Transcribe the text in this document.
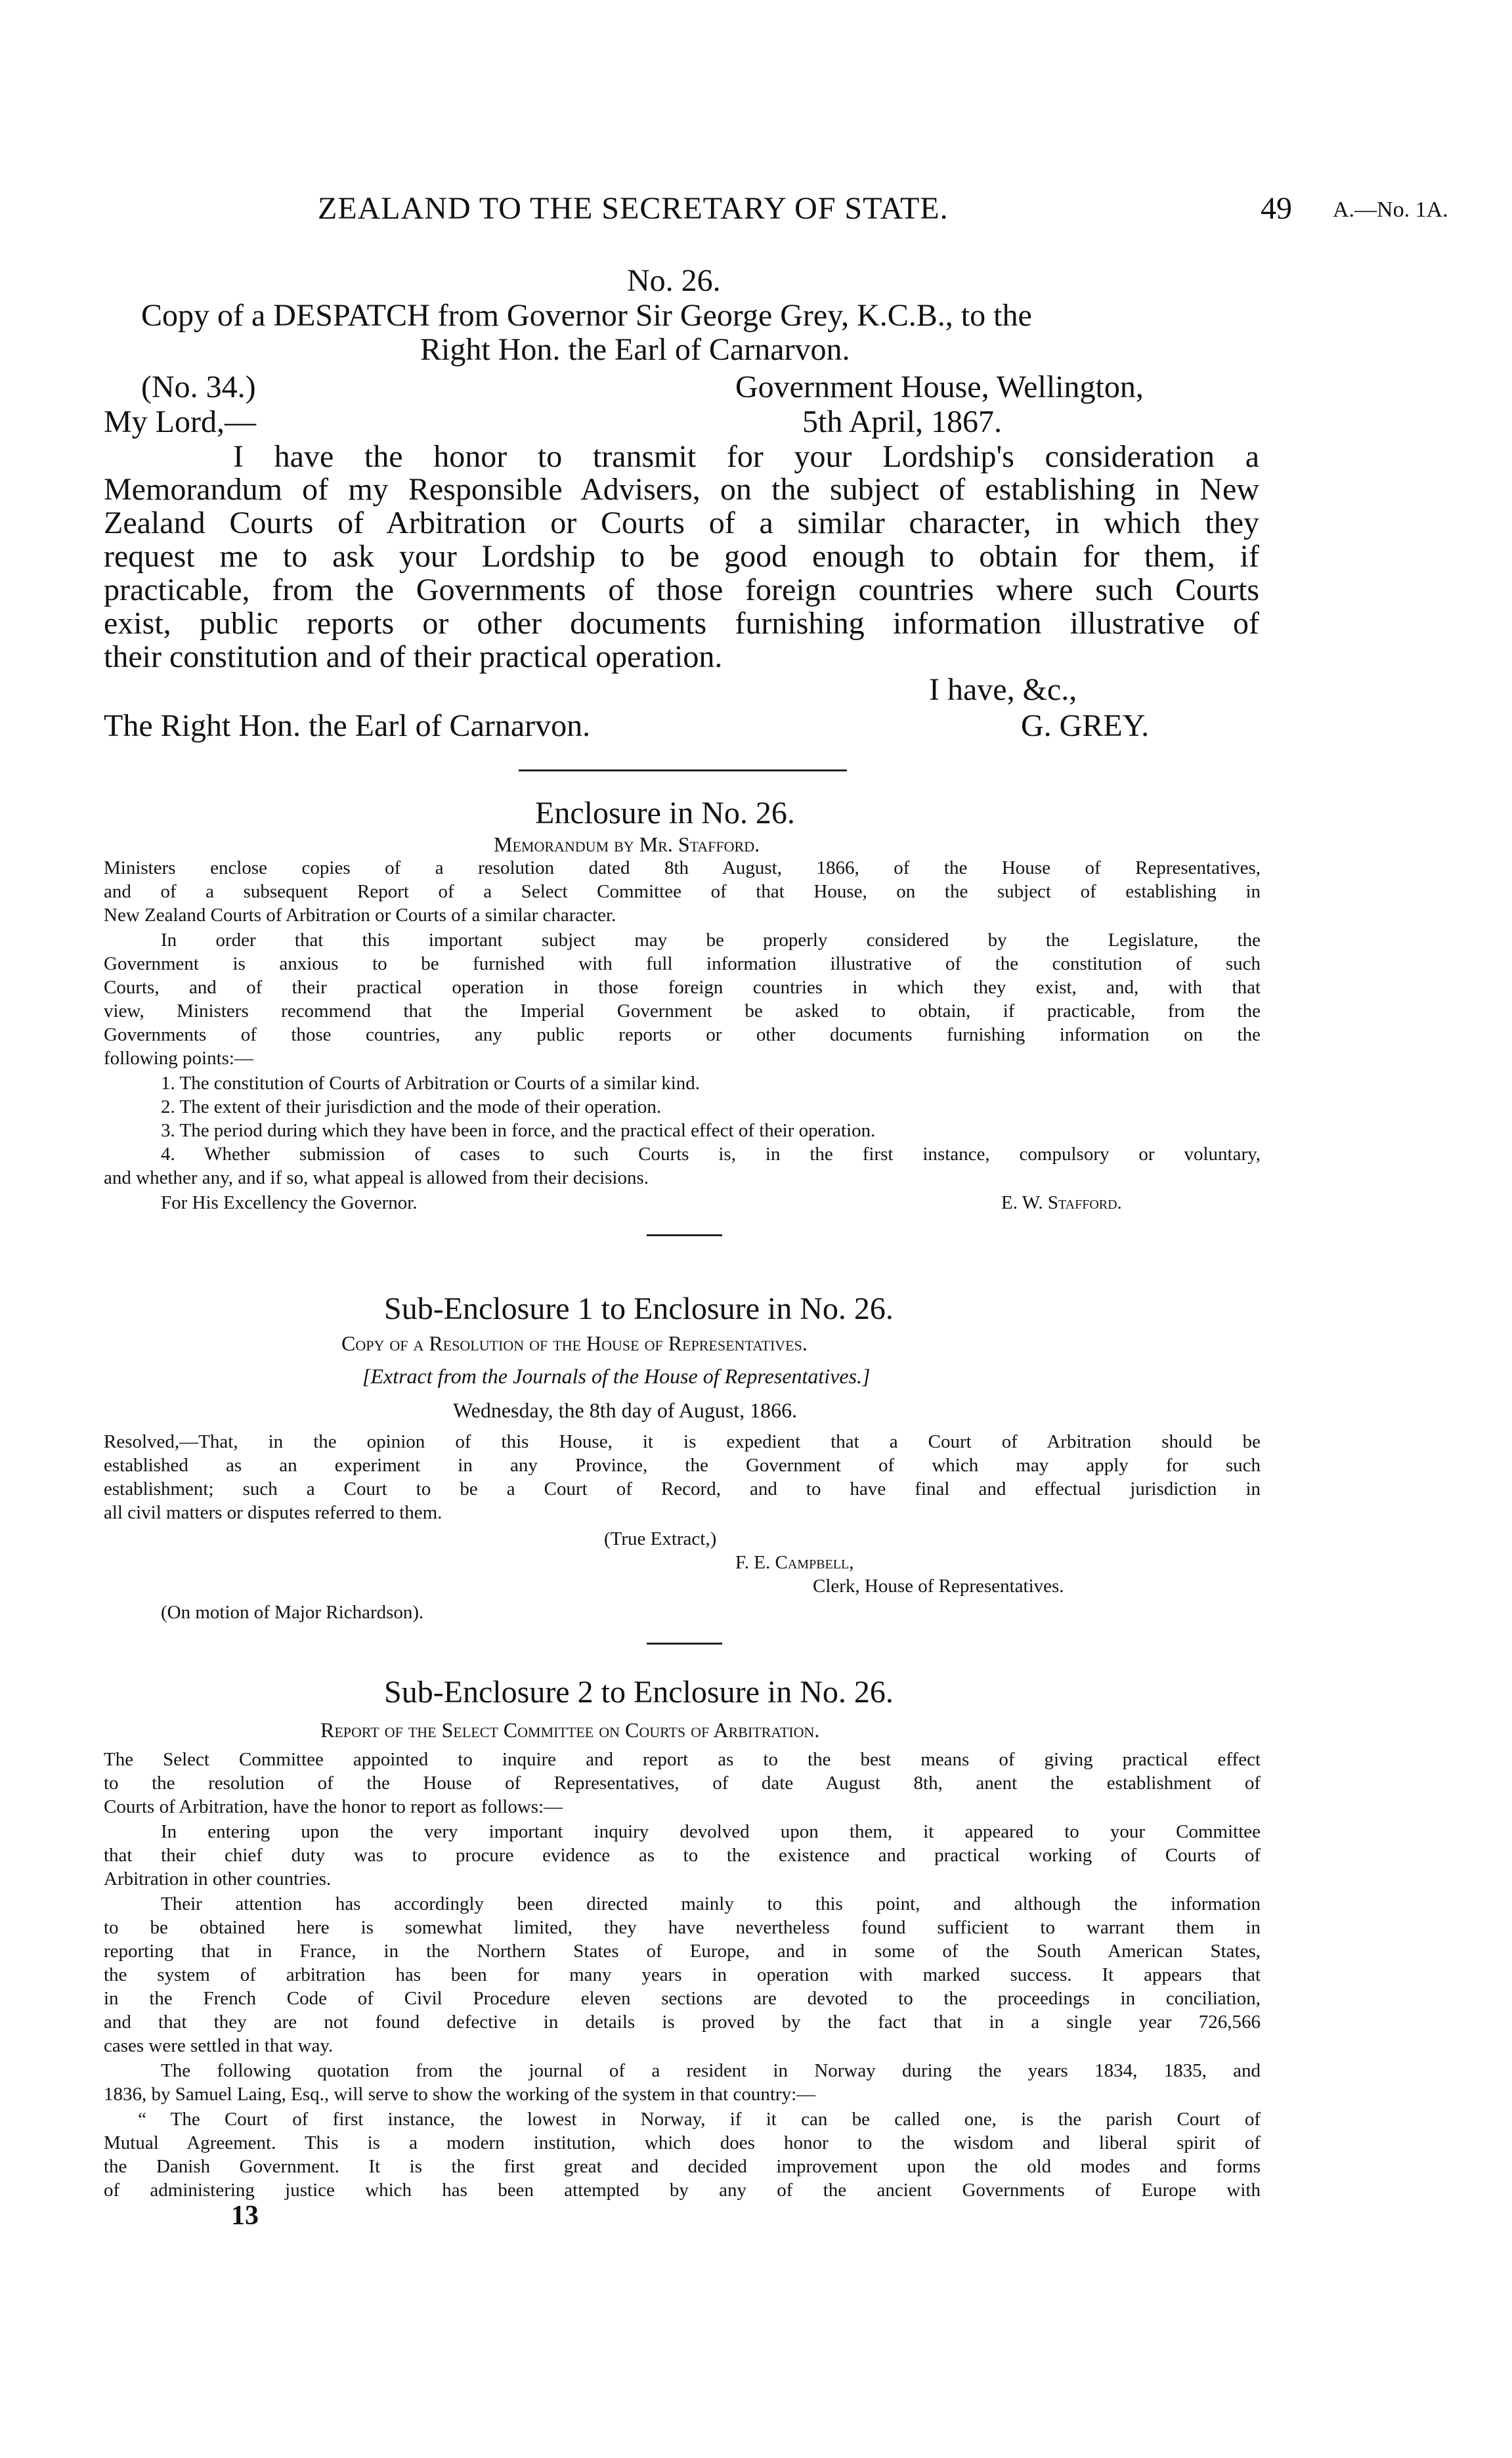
ZEALAND TO THE SECRETARY OF STATE.	49 A.—No. 1A.
No. 26.
Copy of a DESPATCH from Governor Sir George Grey, K.C.B., to the
Right Hon. the Earl of Carnarvon.
(No. 34.)	Government House, Wellington,
My Lord,—	5th April, 1867.
I have the honor to transmit for your Lordship's consideration a
Memorandum of my Responsible Advisers, on the subject of establishing in New
Zealand Courts of Arbitration or Courts of a similar character, in which they
request me to ask your Lordship to be good enough to obtain for them, if
practicable, from the Governments of those foreign countries where such Courts
exist, public reports or other documents furnishing information illustrative of
their constitution and of their practical operation.
I have, &c.,
The Right Hon. the Earl of Carnarvon.	G. GREY.
Enclosure in No. 26.
Memorandum by Mr. Stafford.
Ministers enclose copies of a resolution dated 8th August, 1866, of the House of Representatives,
and of a subsequent Report of a Select Committee of that House, on the subject of establishing in
New Zealand Courts of Arbitration or Courts of a similar character.
In order that this important subject may be properly considered by the Legislature, the
Government is anxious to be furnished with full information illustrative of the constitution of such
Courts, and of their practical operation in those foreign countries in which they exist, and, with that
view, Ministers recommend that the Imperial Government be asked to obtain, if practicable, from the
Governments of those countries, any public reports or other documents furnishing information on the
following points:—
1. The constitution of Courts of Arbitration or Courts of a similar kind.
2. The extent of their jurisdiction and the mode of their operation.
3. The period during which they have been in force, and the practical effect of their operation.
4. Whether submission of cases to such Courts is, in the first instance, compulsory or voluntary,
and whether any, and if so, what appeal is allowed from their decisions.
For His Excellency the Governor.	E. W. Stafford.
Sub-Enclosure 1 to Enclosure in No. 26.
Copy of a Resolution of the House of Representatives.
[Extract from the Journals of the House of Representatives.]
Wednesday, the 8th day of August, 1866.
Resolved,—That, in the opinion of this House, it is expedient that a Court of Arbitration should be
established as an experiment in any Province, the Government of which may apply for such
establishment; such a Court to be a Court of Record, and to have final and effectual jurisdiction in
all civil matters or disputes referred to them.
(True Extract,)
F. E. Campbell,
Clerk, House of Representatives.
(On motion of Major Richardson).
Sub-Enclosure 2 to Enclosure in No. 26.
Report of the Select Committee on Courts of Arbitration.
The Select Committee appointed to inquire and report as to the best means of giving practical effect
to the resolution of the House of Representatives, of date August 8th, anent the establishment of
Courts of Arbitration, have the honor to report as follows:—
In entering upon the very important inquiry devolved upon them, it appeared to your Committee
that their chief duty was to procure evidence as to the existence and practical working of Courts of
Arbitration in other countries.
Their attention has accordingly been directed mainly to this point, and although the information
to be obtained here is somewhat limited, they have nevertheless found sufficient to warrant them in
reporting that in France, in the Northern States of Europe, and in some of the South American States,
the system of arbitration has been for many years in operation with marked success. It appears that
in the French Code of Civil Procedure eleven sections are devoted to the proceedings in conciliation,
and that they are not found defective in details is proved by the fact that in a single year 726,566
cases were settled in that way.
The following quotation from the journal of a resident in Norway during the years 1834, 1835, and
1836, by Samuel Laing, Esq., will serve to show the working of the system in that country:—
“ The Court of first instance, the lowest in Norway, if it can be called one, is the parish Court of
Mutual Agreement. This is a modern institution, which does honor to the wisdom and liberal spirit of
the Danish Government. It is the first great and decided improvement upon the old modes and forms
of administering justice which has been attempted by any of the ancient Governments of Europe with
13
